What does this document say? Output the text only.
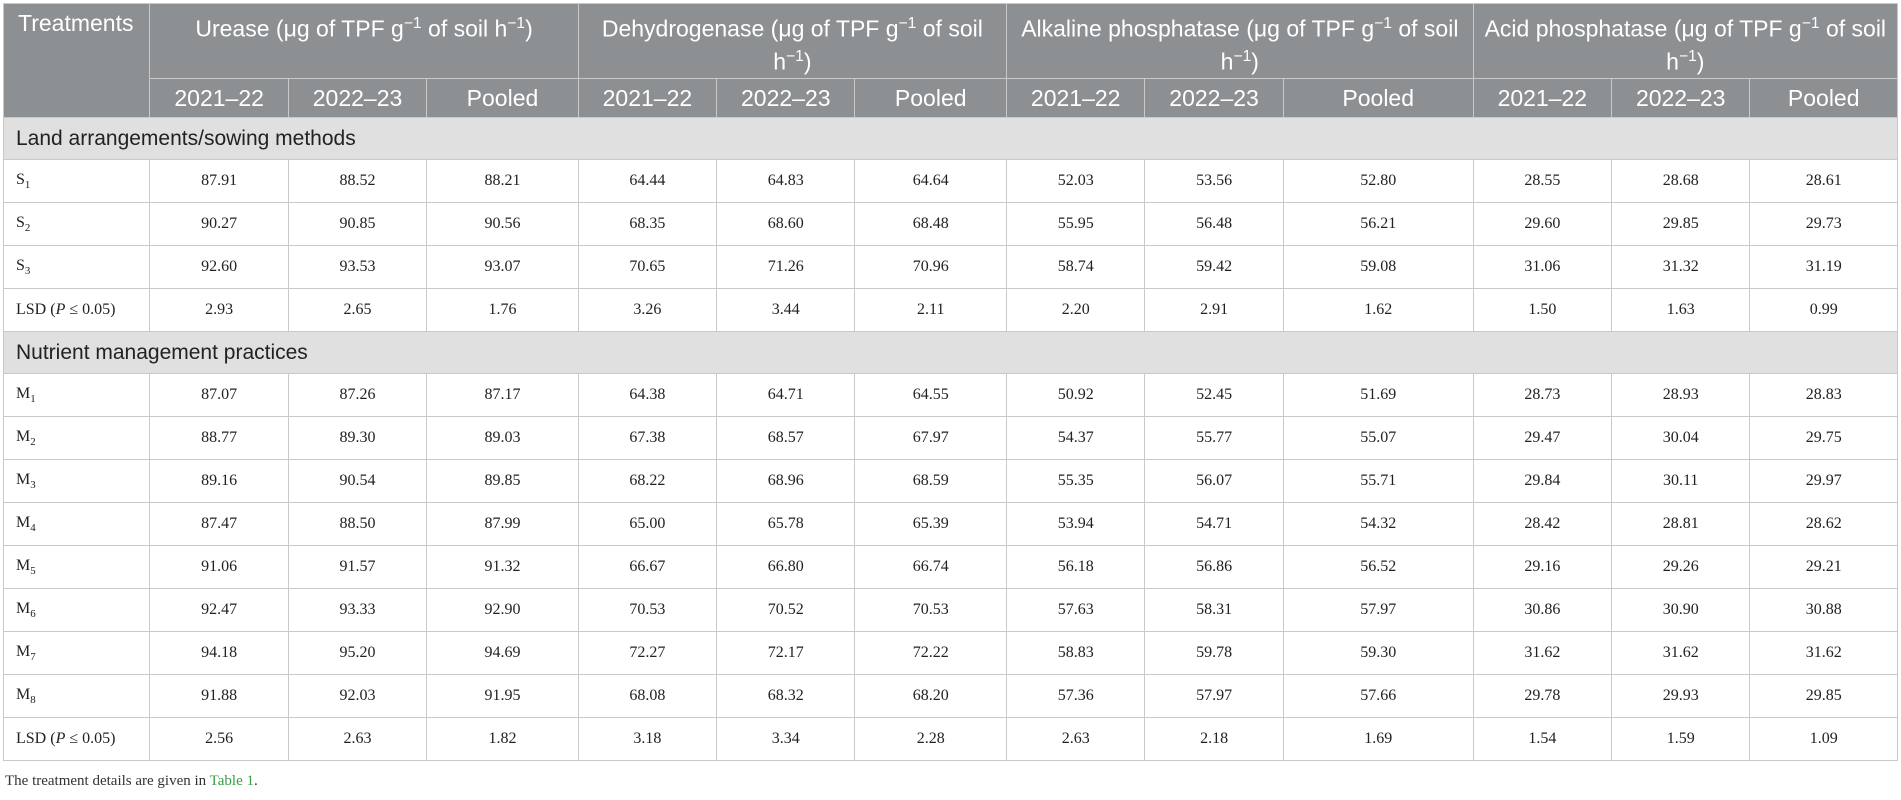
Treatments	Urease (μg of TPF $g^{-1}$ of soil $h^{-1}$)			Dehydrogenase (μg of TPF $g^{-1}$ of soil $h^{-1}$)			Alkaline phosphatase (μg of TPF $g^{-1}$ of soil $h^{-1}$)			Acid phosphatase (μg of TPF $g^{-1}$ of soil $h^{-1}$)		
	2021–22	2022–23	Pooled	2021–22	2022–23	Pooled	2021–22	2022–23	Pooled	2021–22	2022–23	Pooled
Land arrangements/sowing methods												
$S_1$	87.91	88.52	88.21	64.44	64.83	64.64	52.03	53.56	52.80	28.55	28.68	28.61
$S_2$	90.27	90.85	90.56	68.35	68.60	68.48	55.95	56.48	56.21	29.60	29.85	29.73
$S_3$	92.60	93.53	93.07	70.65	71.26	70.96	58.74	59.42	59.08	31.06	31.32	31.19
LSD (P ≤ 0.05)	2.93	2.65	1.76	3.26	3.44	2.11	2.20	2.91	1.62	1.50	1.63	0.99
Nutrient management practices												
$M_1$	87.07	87.26	87.17	64.38	64.71	64.55	50.92	52.45	51.69	28.73	28.93	28.83
$M_2$	88.77	89.30	89.03	67.38	68.57	67.97	54.37	55.77	55.07	29.47	30.04	29.75
$M_3$	89.16	90.54	89.85	68.22	68.96	68.59	55.35	56.07	55.71	29.84	30.11	29.97
$M_4$	87.47	88.50	87.99	65.00	65.78	65.39	53.94	54.71	54.32	28.42	28.81	28.62
$M_5$	91.06	91.57	91.32	66.67	66.80	66.74	56.18	56.86	56.52	29.16	29.26	29.21
$M_6$	92.47	93.33	92.90	70.53	70.52	70.53	57.63	58.31	57.97	30.86	30.90	30.88
$M_7$	94.18	95.20	94.69	72.27	72.17	72.22	58.83	59.78	59.30	31.62	31.62	31.62
$M_8$	91.88	92.03	91.95	68.08	68.32	68.20	57.36	57.97	57.66	29.78	29.93	29.85
LSD (P ≤ 0.05)	2.56	2.63	1.82	3.18	3.34	2.28	2.63	2.18	1.69	1.54	1.59	1.09
The treatment details are given in Table 1.
